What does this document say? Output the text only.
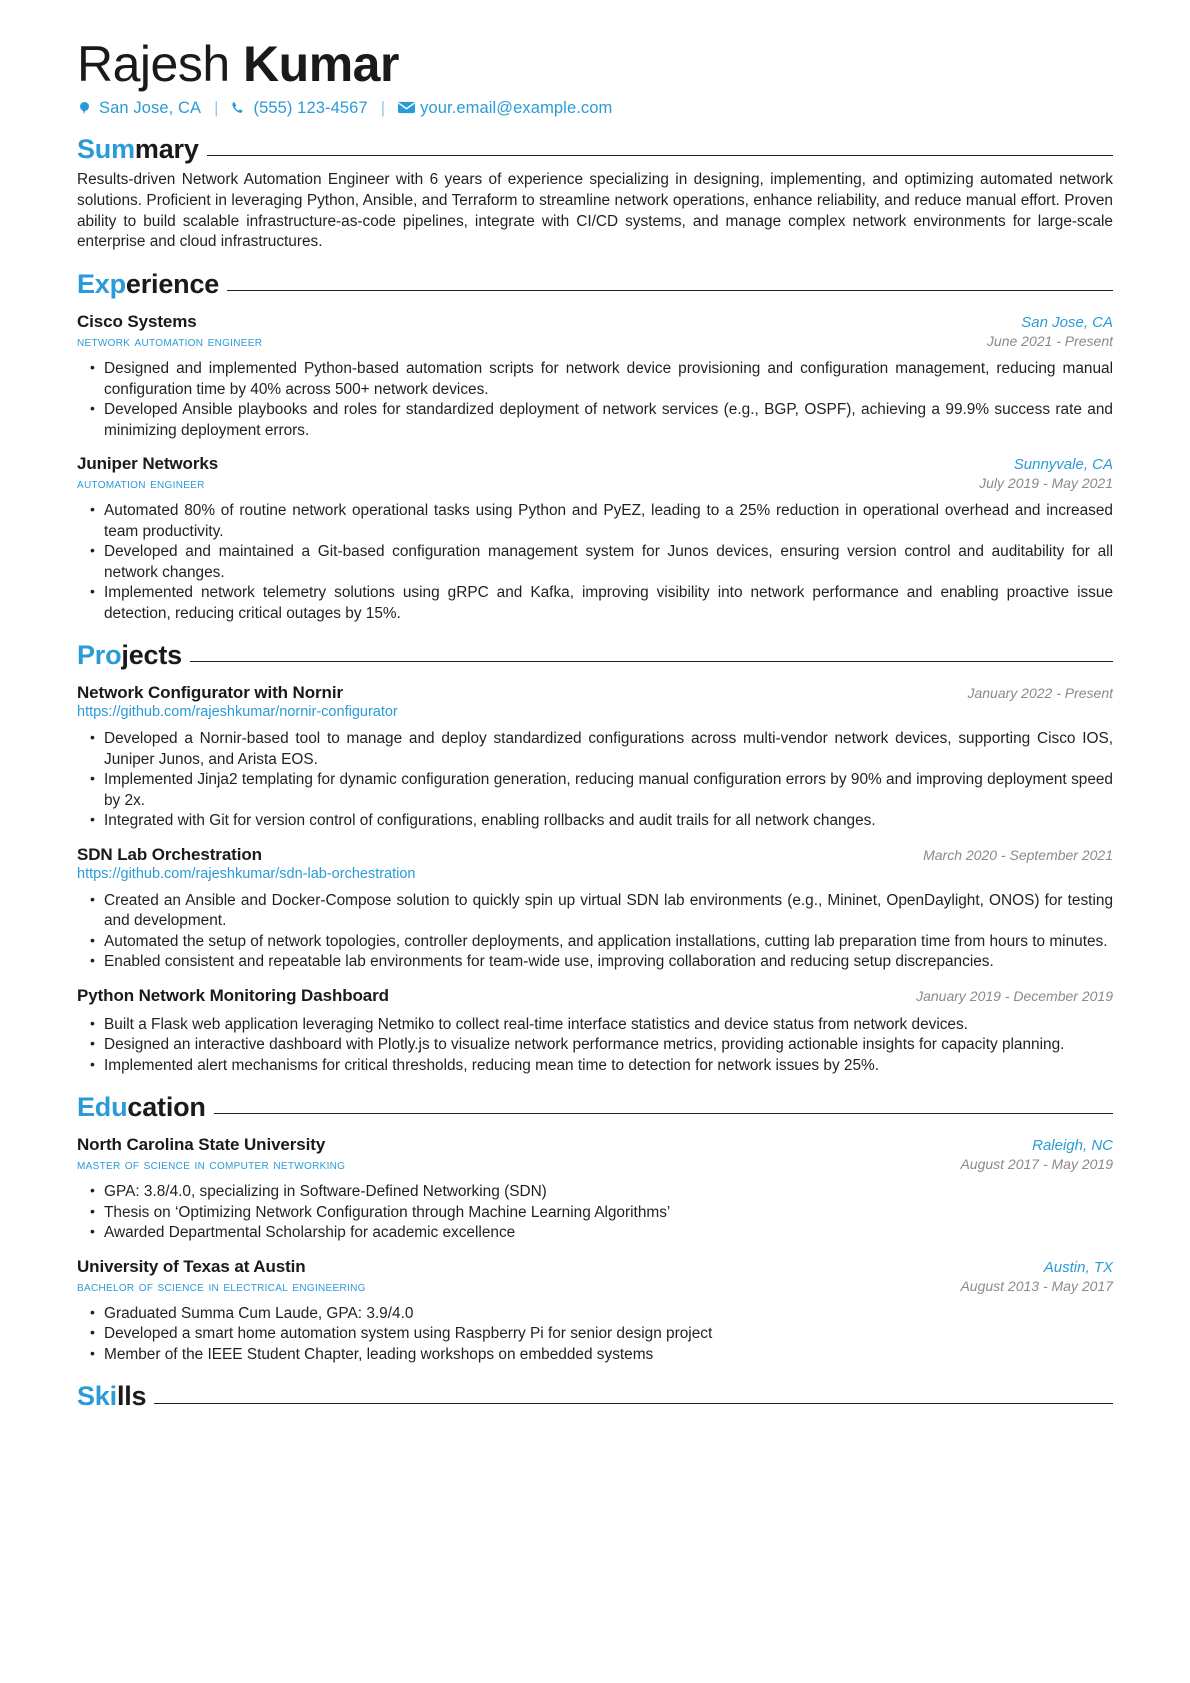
Rajesh Kumar
San Jose, CA | (555) 123-4567 | your.email@example.com
Summary

Results-driven Network Automation Engineer with 6 years of experience specializing in designing, implementing, and optimizing automated network solutions. Proficient in leveraging Python, Ansible, and Terraform to streamline network operations, enhance reliability, and reduce manual effort. Proven ability to build scalable infrastructure-as-code pipelines, integrate with CI/CD systems, and manage complex network environments for large-scale enterprise and cloud infrastructures.

Experience
Cisco Systems	San Jose, CA
network automation engineer	June 2021 - Present
• Designed and implemented Python-based automation scripts for network device provisioning and configuration management, reducing manual configuration time by 40% across 500+ network devices.
• Developed Ansible playbooks and roles for standardized deployment of network services (e.g., BGP, OSPF), achieving a 99.9% success rate and minimizing deployment errors.
Juniper Networks	Sunnyvale, CA
automation engineer	July 2019 - May 2021
• Automated 80% of routine network operational tasks using Python and PyEZ, leading to a 25% reduction in operational overhead and increased team productivity.
• Developed and maintained a Git-based configuration management system for Junos devices, ensuring version control and auditability for all network changes.
• Implemented network telemetry solutions using gRPC and Kafka, improving visibility into network performance and enabling proactive issue detection, reducing critical outages by 15%.
Projects
Network Configurator with Nornir	January 2022 - Present
https://github.com/rajeshkumar/nornir-configurator
• Developed a Nornir-based tool to manage and deploy standardized configurations across multi-vendor network devices, supporting Cisco IOS, Juniper Junos, and Arista EOS.
• Implemented Jinja2 templating for dynamic configuration generation, reducing manual configuration errors by 90% and improving deployment speed by 2x.
• Integrated with Git for version control of configurations, enabling rollbacks and audit trails for all network changes.
SDN Lab Orchestration	March 2020 - September 2021
https://github.com/rajeshkumar/sdn-lab-orchestration
• Created an Ansible and Docker-Compose solution to quickly spin up virtual SDN lab environments (e.g., Mininet, OpenDaylight, ONOS) for testing and development.
• Automated the setup of network topologies, controller deployments, and application installations, cutting lab preparation time from hours to minutes.
• Enabled consistent and repeatable lab environments for team-wide use, improving collaboration and reducing setup discrepancies.
Python Network Monitoring Dashboard	January 2019 - December 2019
• Built a Flask web application leveraging Netmiko to collect real-time interface statistics and device status from network devices.
• Designed an interactive dashboard with Plotly.js to visualize network performance metrics, providing actionable insights for capacity planning.
• Implemented alert mechanisms for critical thresholds, reducing mean time to detection for network issues by 25%.
Education
North Carolina State University	Raleigh, NC
master of science in computer networking	August 2017 - May 2019
• GPA: 3.8/4.0, specializing in Software-Defined Networking (SDN)
• Thesis on ‘Optimizing Network Configuration through Machine Learning Algorithms’
• Awarded Departmental Scholarship for academic excellence
University of Texas at Austin	Austin, TX
bachelor of science in electrical engineering	August 2013 - May 2017
• Graduated Summa Cum Laude, GPA: 3.9/4.0
• Developed a smart home automation system using Raspberry Pi for senior design project
• Member of the IEEE Student Chapter, leading workshops on embedded systems
Skills
